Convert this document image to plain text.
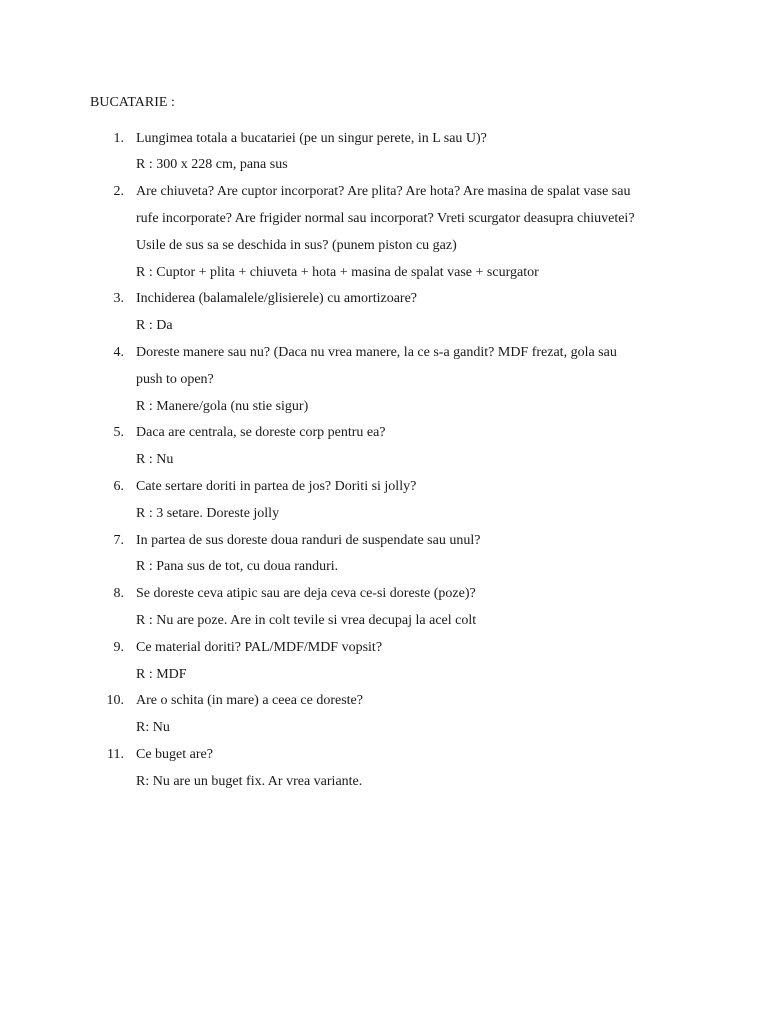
BUCATARIE :
1. Lungimea totala a bucatariei (pe un singur perete, in L sau U)?
R : 300 x 228 cm, pana sus
2. Are chiuveta? Are cuptor incorporat? Are plita? Are hota? Are masina de spalat vase sau
rufe incorporate? Are frigider normal sau incorporat? Vreti scurgator deasupra chiuvetei?
Usile de sus sa se deschida in sus? (punem piston cu gaz)
R : Cuptor + plita + chiuveta + hota + masina de spalat vase + scurgator
3. Inchiderea (balamalele/glisierele) cu amortizoare?
R : Da
4. Doreste manere sau nu? (Daca nu vrea manere, la ce s-a gandit? MDF frezat, gola sau
push to open?
R : Manere/gola (nu stie sigur)
5. Daca are centrala, se doreste corp pentru ea?
R : Nu
6. Cate sertare doriti in partea de jos? Doriti si jolly?
R : 3 setare. Doreste jolly
7. In partea de sus doreste doua randuri de suspendate sau unul?
R : Pana sus de tot, cu doua randuri.
8. Se doreste ceva atipic sau are deja ceva ce-si doreste (poze)?
R : Nu are poze. Are in colt tevile si vrea decupaj la acel colt
9. Ce material doriti? PAL/MDF/MDF vopsit?
R : MDF
10. Are o schita (in mare) a ceea ce doreste?
R: Nu
11. Ce buget are?
R: Nu are un buget fix. Ar vrea variante.
